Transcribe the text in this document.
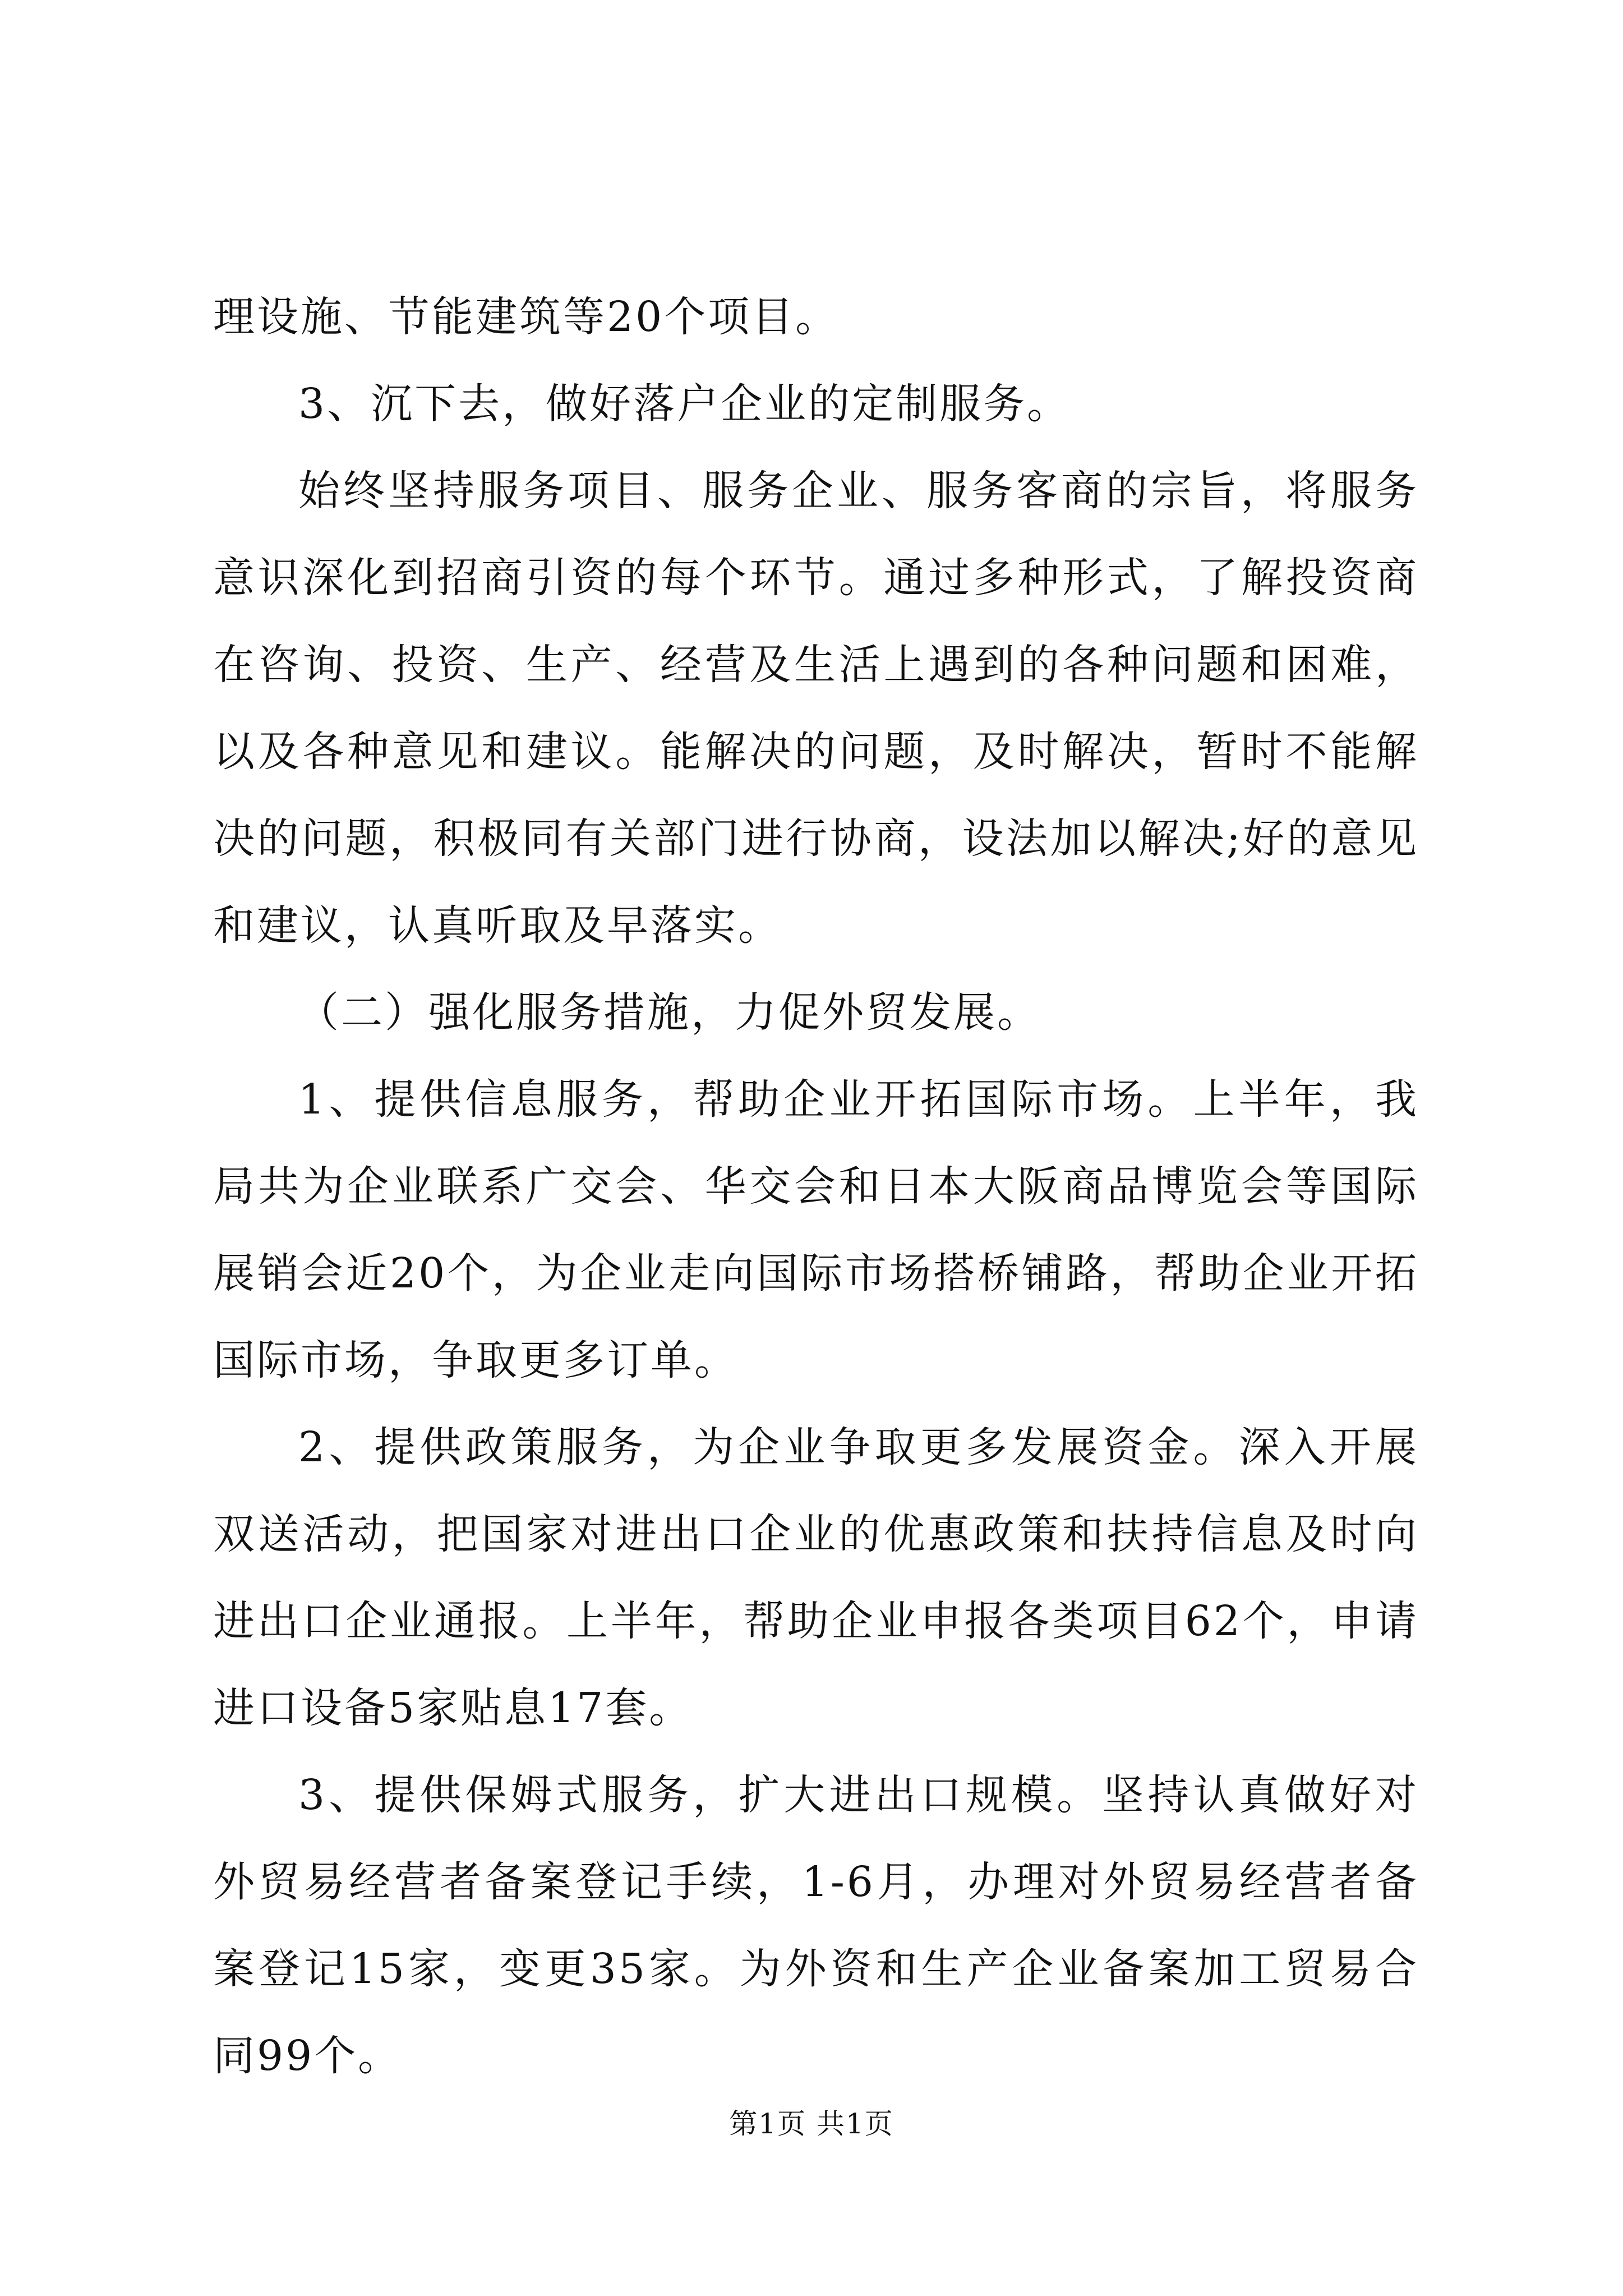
理设施、节能建筑等20个项目。

3、沉下去，做好落户企业的定制服务。

始终坚持服务项目、服务企业、服务客商的宗旨，将服务意识深化到招商引资的每个环节。通过多种形式，了解投资商在咨询、投资、生产、经营及生活上遇到的各种问题和困难，以及各种意见和建议。能解决的问题，及时解决，暂时不能解决的问题，积极同有关部门进行协商，设法加以解决;好的意见和建议，认真听取及早落实。

（二）强化服务措施，力促外贸发展。

1、提供信息服务，帮助企业开拓国际市场。上半年，我局共为企业联系广交会、华交会和日本大阪商品博览会等国际展销会近20个，为企业走向国际市场搭桥铺路，帮助企业开拓国际市场，争取更多订单。

2、提供政策服务，为企业争取更多发展资金。深入开展双送活动，把国家对进出口企业的优惠政策和扶持信息及时向进出口企业通报。上半年，帮助企业申报各类项目62个，申请进口设备5家贴息17套。

3、提供保姆式服务，扩大进出口规模。坚持认真做好对外贸易经营者备案登记手续，1-6月，办理对外贸易经营者备案登记15家，变更35家。为外资和生产企业备案加工贸易合同99个。

第1页 共1页
